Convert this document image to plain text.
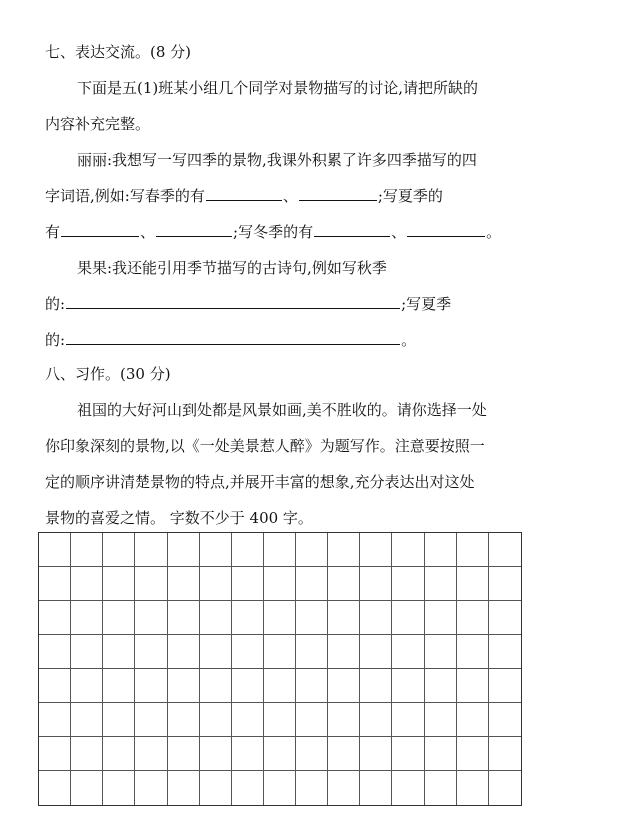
七、表达交流。(8 分)
下面是五(1)班某小组几个同学对景物描写的讨论,请把所缺的
内容补充完整。
丽丽:我想写一写四季的景物,我课外积累了许多四季描写的四
字词语,例如:写春季的有	、	;写夏季的
有	、	;写冬季的有	、	。
果果:我还能引用季节描写的古诗句,例如写秋季
的:	;写夏季
的:	。
八、习作。(30 分)
祖国的大好河山到处都是风景如画,美不胜收的。请你选择一处
你印象深刻的景物,以《一处美景惹人醉》为题写作。注意要按照一
定的顺序讲清楚景物的特点,并展开丰富的想象,充分表达出对这处
景物的喜爱之情。 字数不少于 400 字。
